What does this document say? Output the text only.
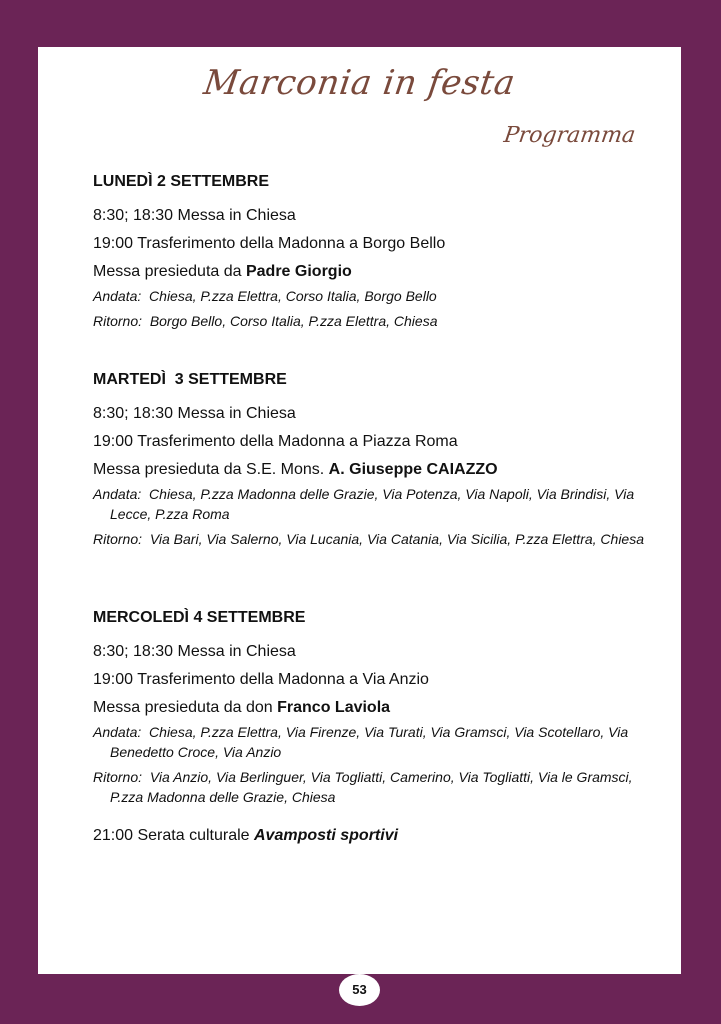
Marconia in festa
Programma
LUNEDÌ 2 SETTEMBRE
8:30; 18:30 Messa in Chiesa
19:00 Trasferimento della Madonna a Borgo Bello
Messa presieduta da Padre Giorgio
Andata: Chiesa, P.zza Elettra, Corso Italia, Borgo Bello
Ritorno: Borgo Bello, Corso Italia, P.zza Elettra, Chiesa
MARTEDÌ  3 SETTEMBRE
8:30; 18:30 Messa in Chiesa
19:00 Trasferimento della Madonna a Piazza Roma
Messa presieduta da S.E. Mons. A. Giuseppe CAIAZZO
Andata: Chiesa, P.zza Madonna delle Grazie, Via Potenza, Via Napoli, Via Brindisi, Via Lecce, P.zza Roma
Ritorno: Via Bari, Via Salerno, Via Lucania, Via Catania, Via Sicilia, P.zza Elettra, Chiesa
MERCOLEDÌ 4 SETTEMBRE
8:30; 18:30 Messa in Chiesa
19:00 Trasferimento della Madonna a Via Anzio
Messa presieduta da don Franco Laviola
Andata: Chiesa, P.zza Elettra, Via Firenze, Via Turati, Via Gramsci, Via Scotellaro, Via Benedetto Croce, Via Anzio
Ritorno: Via Anzio, Via Berlinguer, Via Togliatti, Camerino, Via Togliatti, Via le Gramsci, P.zza Madonna delle Grazie, Chiesa
21:00 Serata culturale Avamposti sportivi
53
